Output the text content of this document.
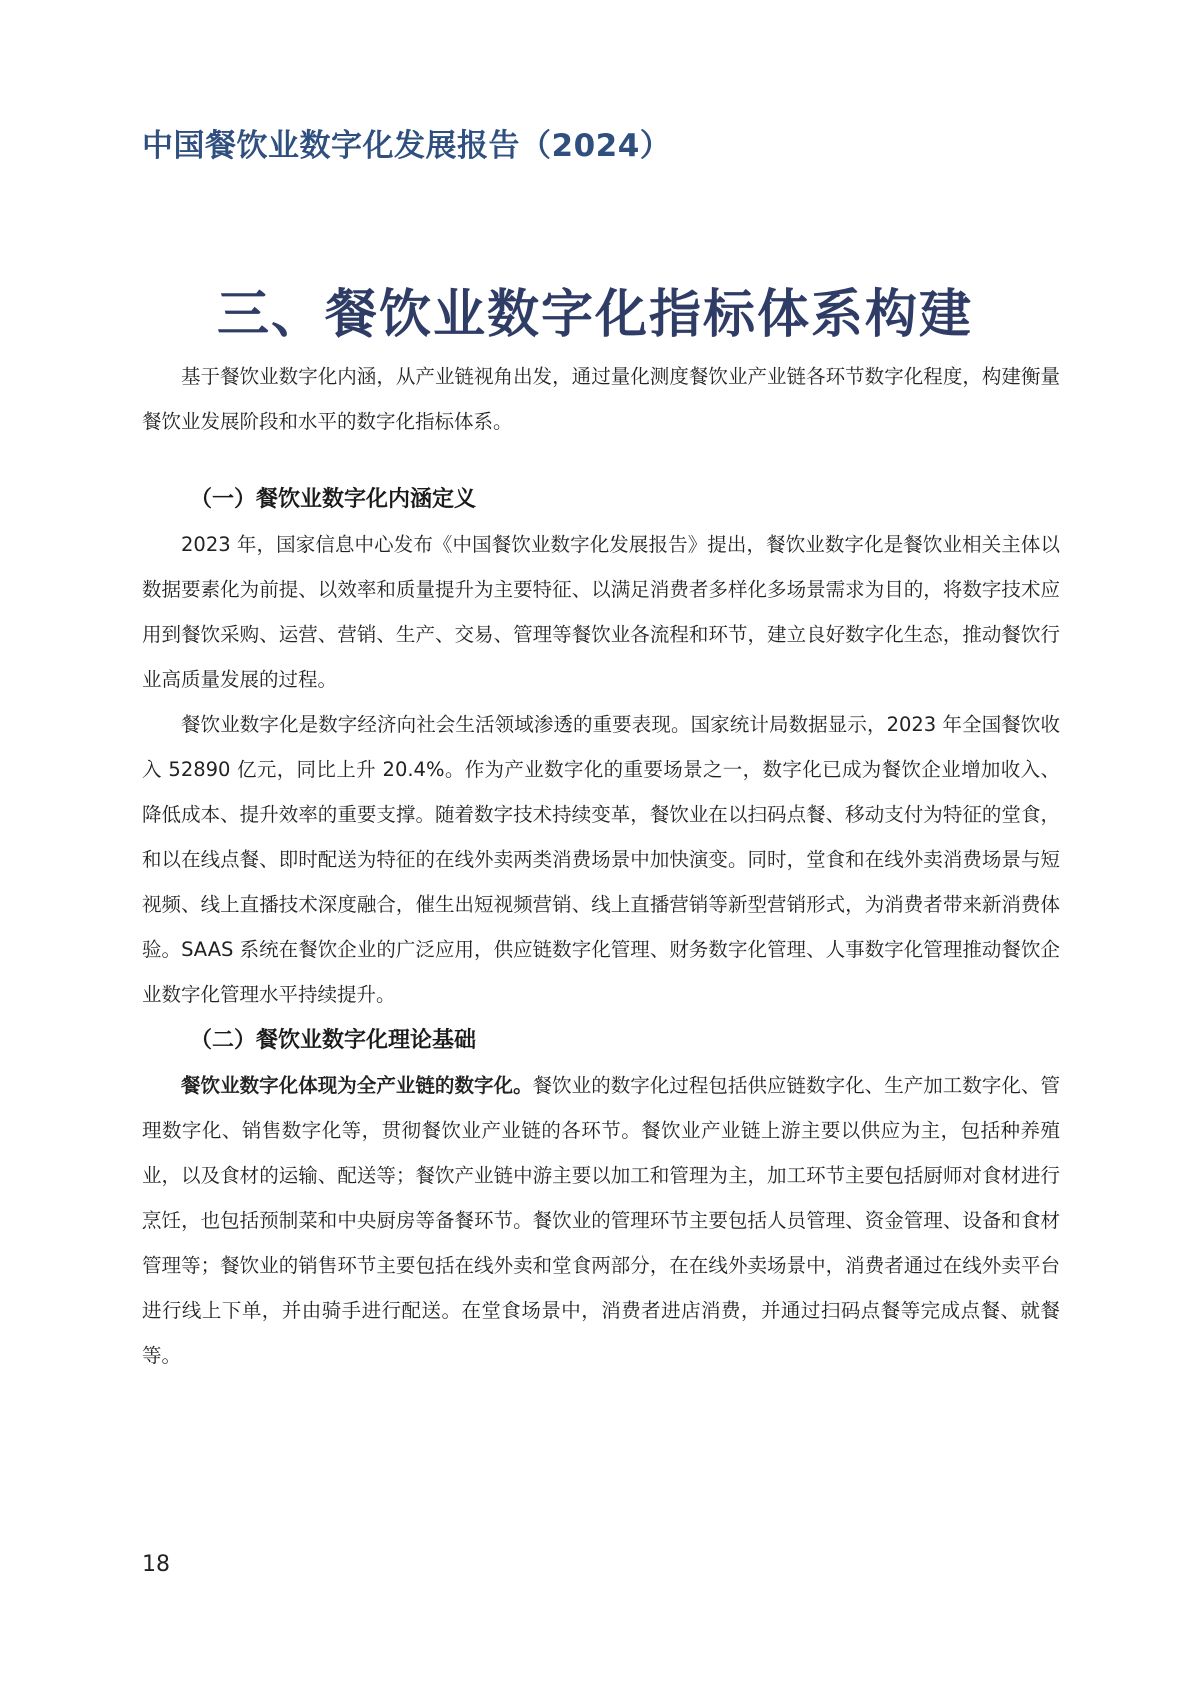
中国餐饮业数字化发展报告（2024）
三、餐饮业数字化指标体系构建

基于餐饮业数字化内涵，从产业链视角出发，通过量化测度餐饮业产业链各环节数字化程度，构建衡量餐饮业发展阶段和水平的数字化指标体系。

（一）餐饮业数字化内涵定义

2023 年，国家信息中心发布《中国餐饮业数字化发展报告》提出，餐饮业数字化是餐饮业相关主体以数据要素化为前提、以效率和质量提升为主要特征、以满足消费者多样化多场景需求为目的，将数字技术应用到餐饮采购、运营、营销、生产、交易、管理等餐饮业各流程和环节，建立良好数字化生态，推动餐饮行业高质量发展的过程。

餐饮业数字化是数字经济向社会生活领域渗透的重要表现。国家统计局数据显示，2023 年全国餐饮收入 52890 亿元，同比上升 20.4%。作为产业数字化的重要场景之一，数字化已成为餐饮企业增加收入、降低成本、提升效率的重要支撑。随着数字技术持续变革，餐饮业在以扫码点餐、移动支付为特征的堂食，和以在线点餐、即时配送为特征的在线外卖两类消费场景中加快演变。同时，堂食和在线外卖消费场景与短视频、线上直播技术深度融合，催生出短视频营销、线上直播营销等新型营销形式，为消费者带来新消费体验。SAAS 系统在餐饮企业的广泛应用，供应链数字化管理、财务数字化管理、人事数字化管理推动餐饮企业数字化管理水平持续提升。

（二）餐饮业数字化理论基础

餐饮业数字化体现为全产业链的数字化。餐饮业的数字化过程包括供应链数字化、生产加工数字化、管理数字化、销售数字化等，贯彻餐饮业产业链的各环节。餐饮业产业链上游主要以供应为主，包括种养殖业，以及食材的运输、配送等；餐饮产业链中游主要以加工和管理为主，加工环节主要包括厨师对食材进行烹饪，也包括预制菜和中央厨房等备餐环节。餐饮业的管理环节主要包括人员管理、资金管理、设备和食材管理等；餐饮业的销售环节主要包括在线外卖和堂食两部分，在在线外卖场景中，消费者通过在线外卖平台进行线上下单，并由骑手进行配送。在堂食场景中，消费者进店消费，并通过扫码点餐等完成点餐、就餐等。

18
